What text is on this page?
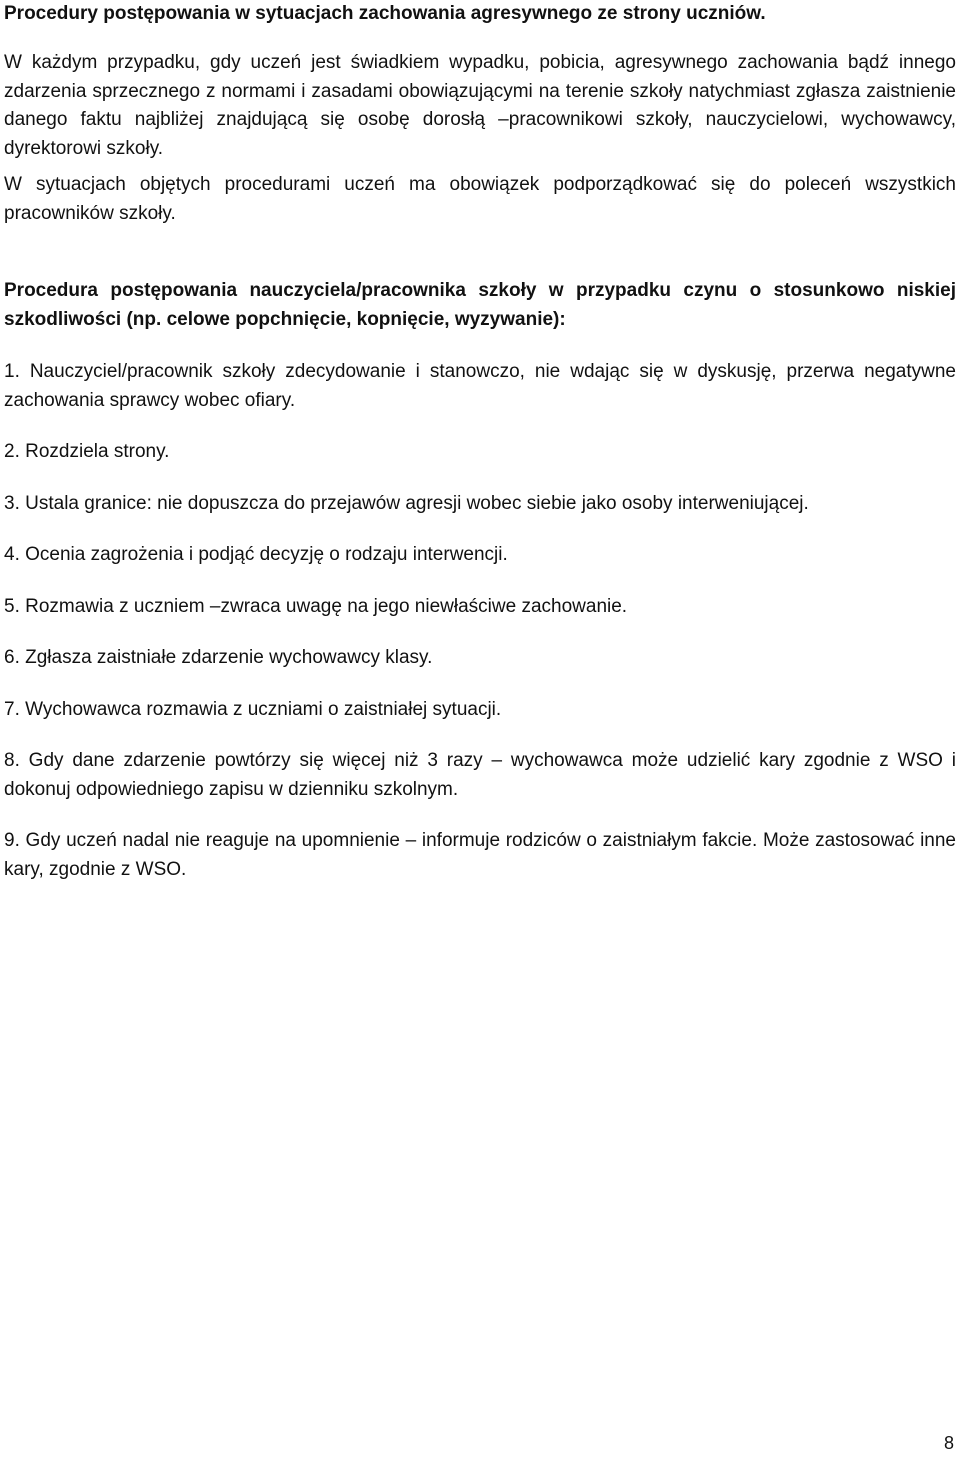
Procedury postępowania w sytuacjach zachowania agresywnego ze strony uczniów.

W każdym przypadku, gdy uczeń jest świadkiem wypadku, pobicia, agresywnego zachowania bądź innego zdarzenia sprzecznego z normami i zasadami obowiązującymi na terenie szkoły natychmiast zgłasza zaistnienie danego faktu najbliżej znajdującą się osobę dorosłą –pracownikowi szkoły, nauczycielowi, wychowawcy, dyrektorowi szkoły.

W sytuacjach objętych procedurami uczeń ma obowiązek podporządkować się do poleceń wszystkich pracowników szkoły.

Procedura postępowania nauczyciela/pracownika szkoły w przypadku czynu o stosunkowo niskiej szkodliwości (np. celowe popchnięcie, kopnięcie, wyzywanie):

1. Nauczyciel/pracownik szkoły zdecydowanie i stanowczo, nie wdając się w dyskusję, przerwa negatywne zachowania sprawcy wobec ofiary.

2. Rozdziela strony.

3. Ustala granice: nie dopuszcza do przejawów agresji wobec siebie jako osoby interweniującej.

4. Ocenia zagrożenia i podjąć decyzję o rodzaju interwencji.

5. Rozmawia z uczniem –zwraca uwagę na jego niewłaściwe zachowanie.

6. Zgłasza zaistniałe zdarzenie wychowawcy klasy.

7. Wychowawca rozmawia z uczniami o zaistniałej sytuacji.

8. Gdy dane zdarzenie powtórzy się więcej niż 3 razy – wychowawca może udzielić kary zgodnie z WSO i dokonuj odpowiedniego zapisu w dzienniku szkolnym.

9. Gdy uczeń nadal nie reaguje na upomnienie – informuje rodziców o zaistniałym fakcie. Może zastosować inne kary, zgodnie z WSO.

8
